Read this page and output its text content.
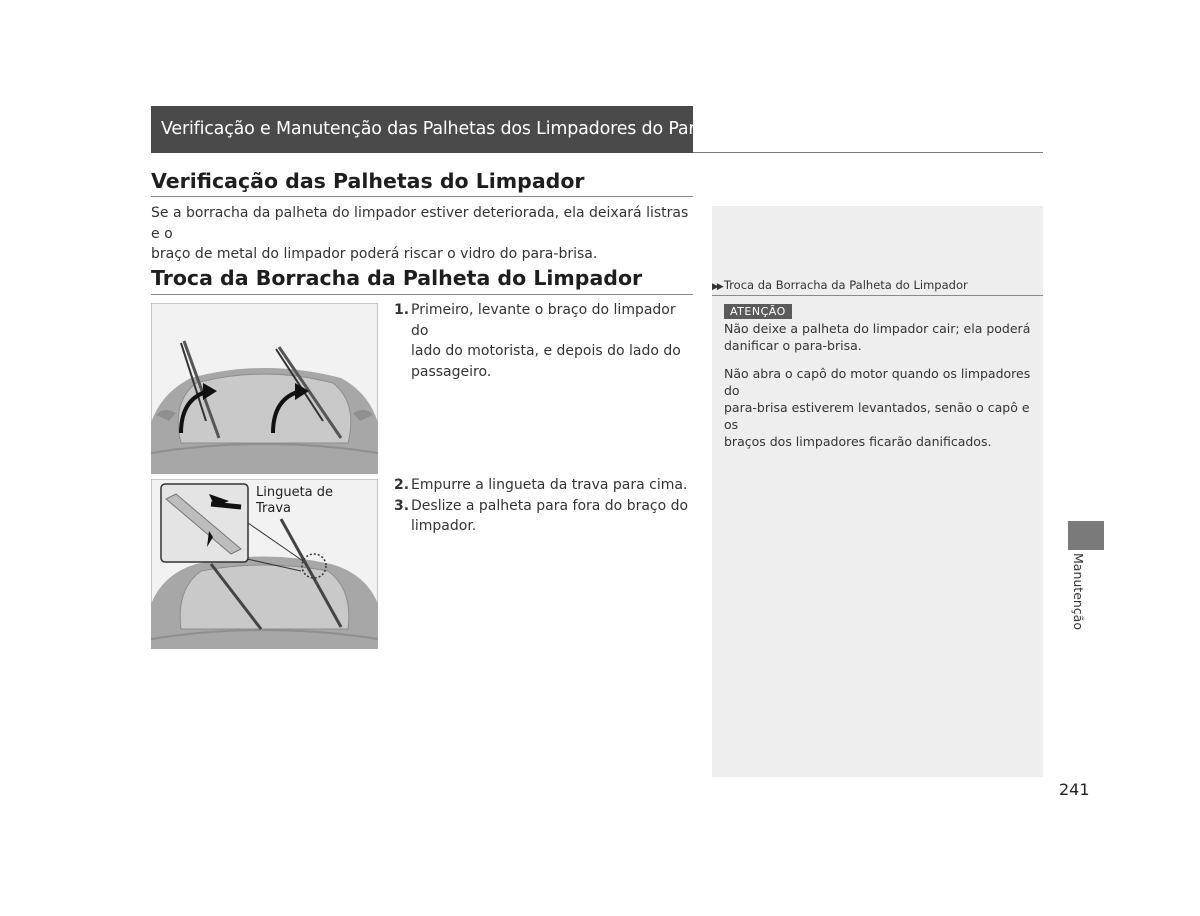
Verificação e Manutenção das Palhetas dos Limpadores do Para-brisa
Verificação das Palhetas do Limpador
Se a borracha da palheta do limpador estiver deteriorada, ela deixará listras e o
braço de metal do limpador poderá riscar o vidro do para-brisa.
Troca da Borracha da Palheta do Limpador
Lingueta de
Trava
1. Primeiro, levante o braço do limpador do
lado do motorista, e depois do lado do
passageiro.
2. Empurre a lingueta da trava para cima.
3. Deslize a palheta para fora do braço do
limpador.
▶▶ Troca da Borracha da Palheta do Limpador
ATENÇÃO
Não deixe a palheta do limpador cair; ela poderá
danificar o para-brisa.
Não abra o capô do motor quando os limpadores do
para-brisa estiverem levantados, senão o capô e os
braços dos limpadores ficarão danificados.
Manutenção
241
